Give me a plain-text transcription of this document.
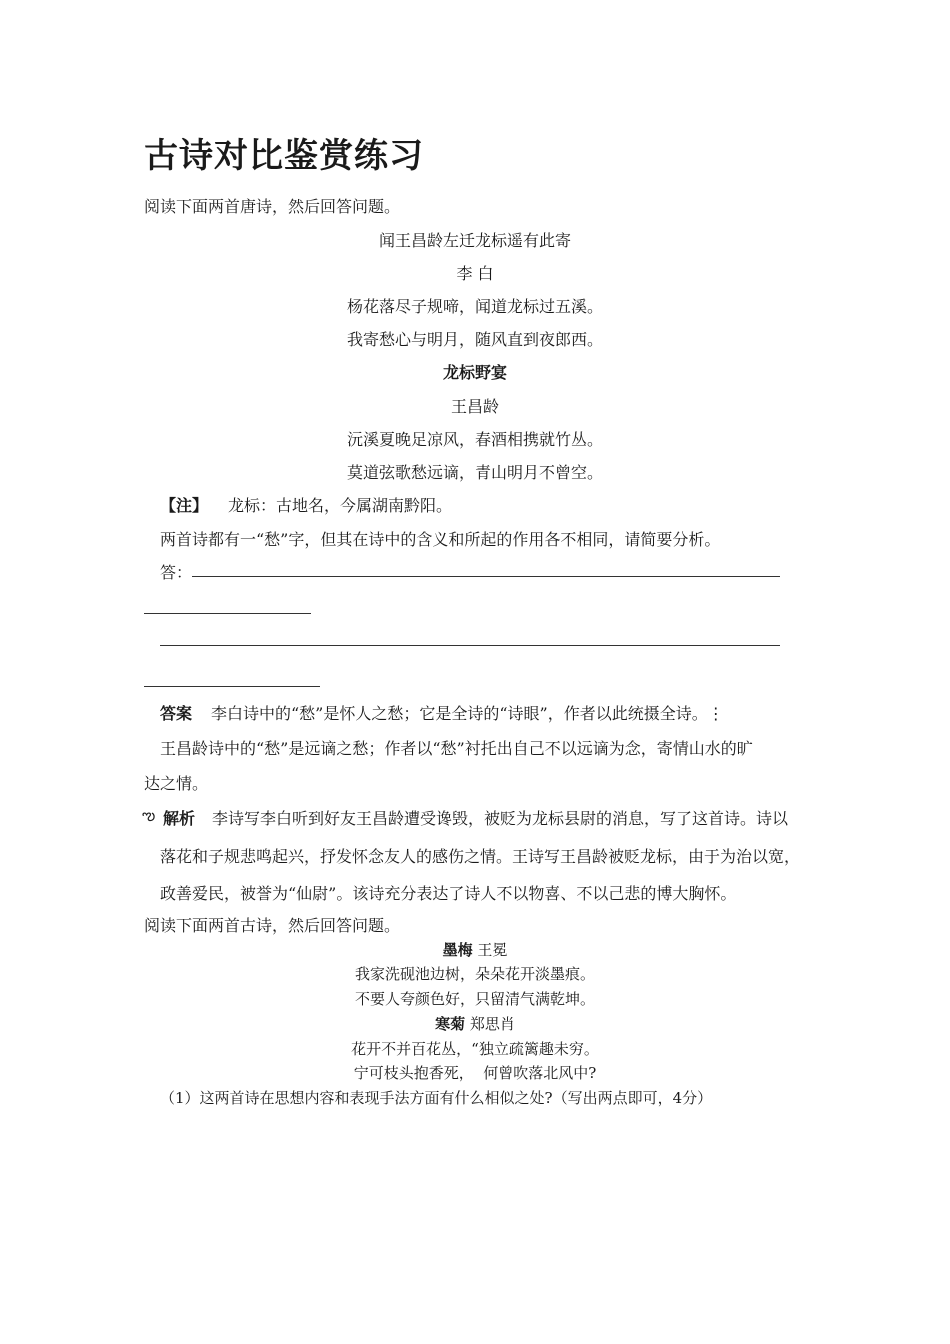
古诗对比鉴赏练习
阅读下面两首唐诗，然后回答问题。
闻王昌龄左迁龙标遥有此寄
李 白
杨花落尽子规啼，闻道龙标过五溪。
我寄愁心与明月，随风直到夜郎西。
龙标野宴
王昌龄
沅溪夏晚足凉风，春酒相携就竹丛。
莫道弦歌愁远谪，青山明月不曾空。
【注】 龙标：古地名，今属湖南黔阳。
两首诗都有一“愁”字，但其在诗中的含义和所起的作用各不相同，请简要分析。
答：
答案 李白诗中的“愁”是怀人之愁；它是全诗的“诗眼”，作者以此统摄全诗。⋮
王昌龄诗中的“愁”是远谪之愁；作者以“愁”衬托出自己不以远谪为念，寄情山水的旷
达之情。
ఌ 解析 李诗写李白听到好友王昌龄遭受谗毁，被贬为龙标县尉的消息，写了这首诗。诗以
落花和子规悲鸣起兴，抒发怀念友人的感伤之情。王诗写王昌龄被贬龙标，由于为治以宽，
政善爱民，被誉为“仙尉”。该诗充分表达了诗人不以物喜、不以己悲的博大胸怀。
阅读下面两首古诗，然后回答问题。
墨梅 王冕
我家洗砚池边树，朵朵花开淡墨痕。
不要人夸颜色好，只留清气满乾坤。
寒菊 郑思肖
花开不并百花丛，“独立疏篱趣未穷。
宁可枝头抱香死，  何曾吹落北风中?
（1）这两首诗在思想内容和表现手法方面有什么相似之处?（写出两点即可，4分）
